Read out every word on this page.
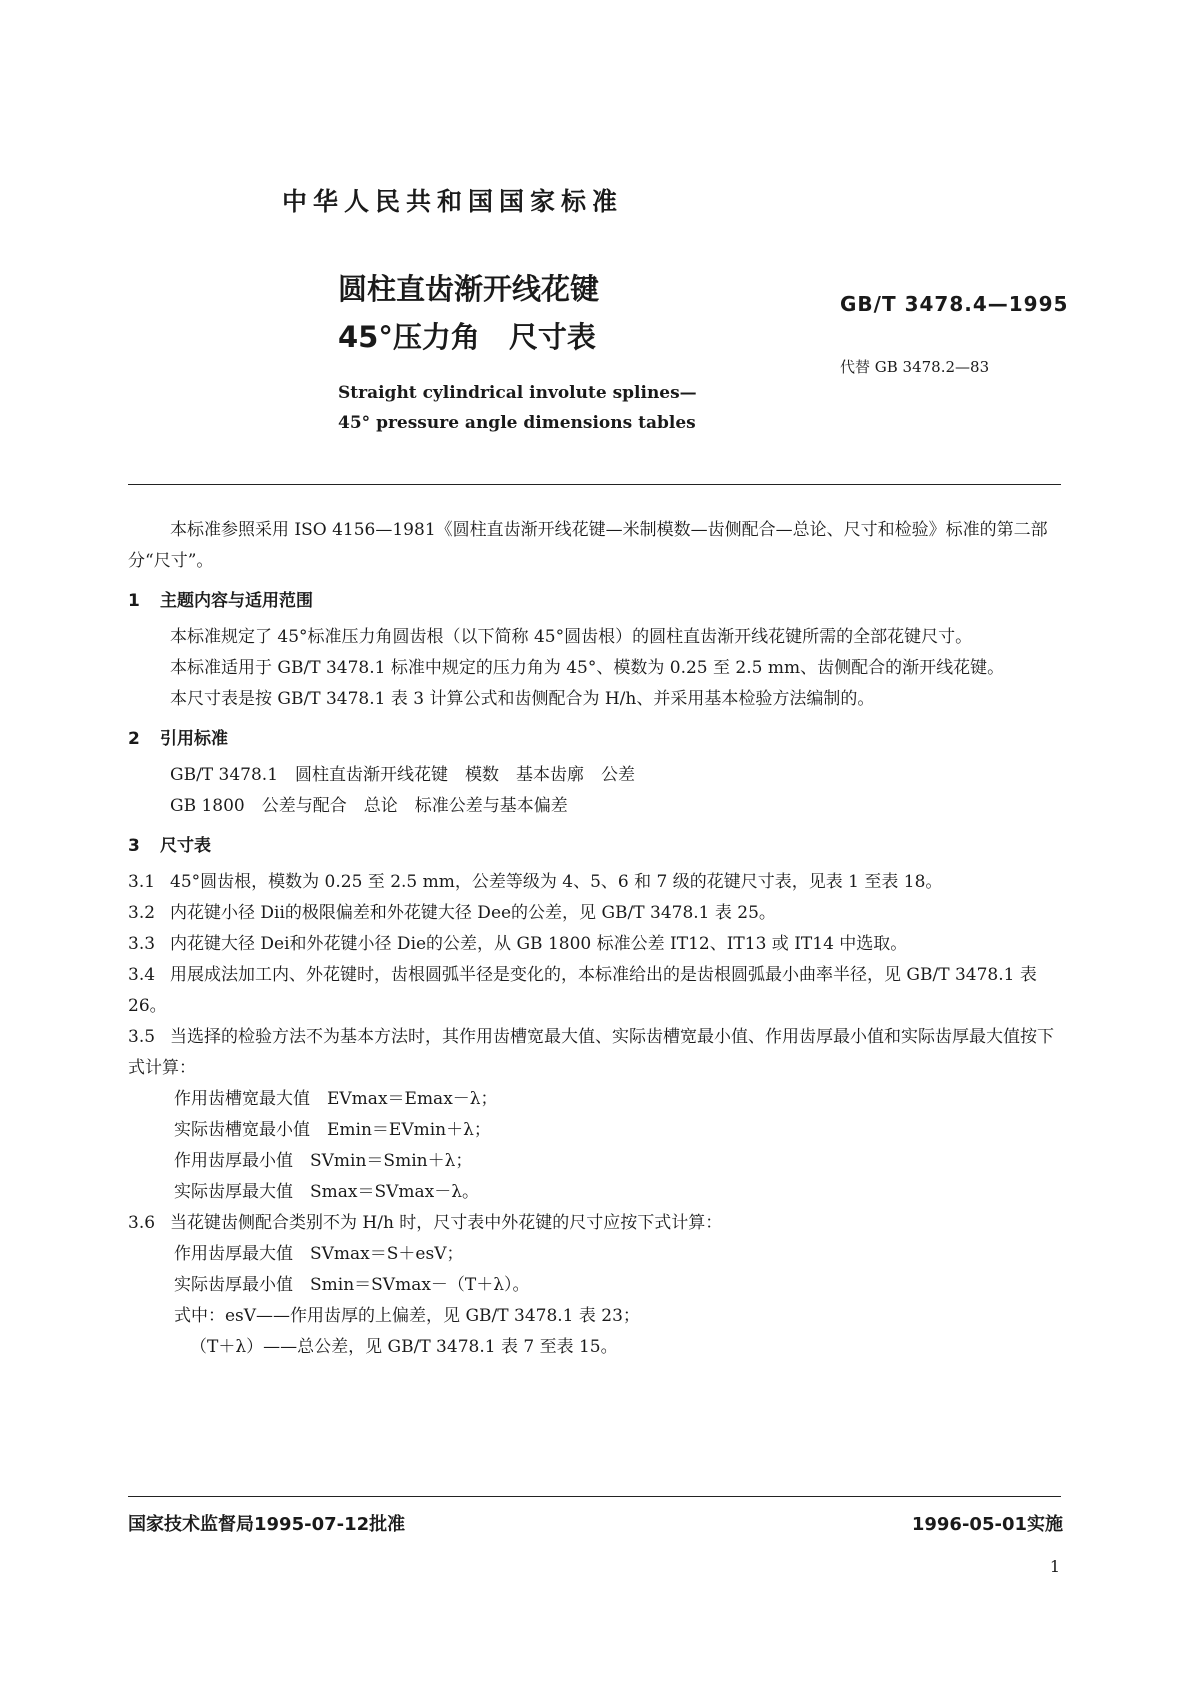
中华人民共和国国家标准
圆柱直齿渐开线花键
45°压力角　尺寸表
GB/T 3478.4—1995
代替 GB 3478.2—83
Straight cylindrical involute splines—
45° pressure angle dimensions tables

本标准参照采用 ISO 4156—1981《圆柱直齿渐开线花键—米制模数—齿侧配合—总论、尺寸和检验》标准的第二部分“尺寸”。

1 主题内容与适用范围

本标准规定了 45°标准压力角圆齿根（以下简称 45°圆齿根）的圆柱直齿渐开线花键所需的全部花键尺寸。

本标准适用于 GB/T 3478.1 标准中规定的压力角为 45°、模数为 0.25 至 2.5 mm、齿侧配合的渐开线花键。

本尺寸表是按 GB/T 3478.1 表 3 计算公式和齿侧配合为 H/h、并采用基本检验方法编制的。

2 引用标准

GB/T 3478.1　圆柱直齿渐开线花键　模数　基本齿廓　公差

GB 1800　公差与配合　总论　标准公差与基本偏差

3 尺寸表

3.1 45°圆齿根，模数为 0.25 至 2.5 mm，公差等级为 4、5、6 和 7 级的花键尺寸表，见表 1 至表 18。

3.2 内花键小径 Dii的极限偏差和外花键大径 Dee的公差，见 GB/T 3478.1 表 25。

3.3 内花键大径 Dei和外花键小径 Die的公差，从 GB 1800 标准公差 IT12、IT13 或 IT14 中选取。

3.4 用展成法加工内、外花键时，齿根圆弧半径是变化的，本标准给出的是齿根圆弧最小曲率半径，见 GB/T 3478.1 表 26。

3.5 当选择的检验方法不为基本方法时，其作用齿槽宽最大值、实际齿槽宽最小值、作用齿厚最小值和实际齿厚最大值按下式计算：

作用齿槽宽最大值　EVmax＝Emax－λ；

实际齿槽宽最小值　Emin＝EVmin＋λ；

作用齿厚最小值　SVmin＝Smin＋λ；

实际齿厚最大值　Smax＝SVmax－λ。

3.6 当花键齿侧配合类别不为 H/h 时，尺寸表中外花键的尺寸应按下式计算：

作用齿厚最大值　SVmax＝S＋esV；

实际齿厚最小值　Smin＝SVmax－（T＋λ）。

式中：esV——作用齿厚的上偏差，见 GB/T 3478.1 表 23；

（T＋λ）——总公差，见 GB/T 3478.1 表 7 至表 15。

国家技术监督局1995-07-12批准	1996-05-01实施
1
